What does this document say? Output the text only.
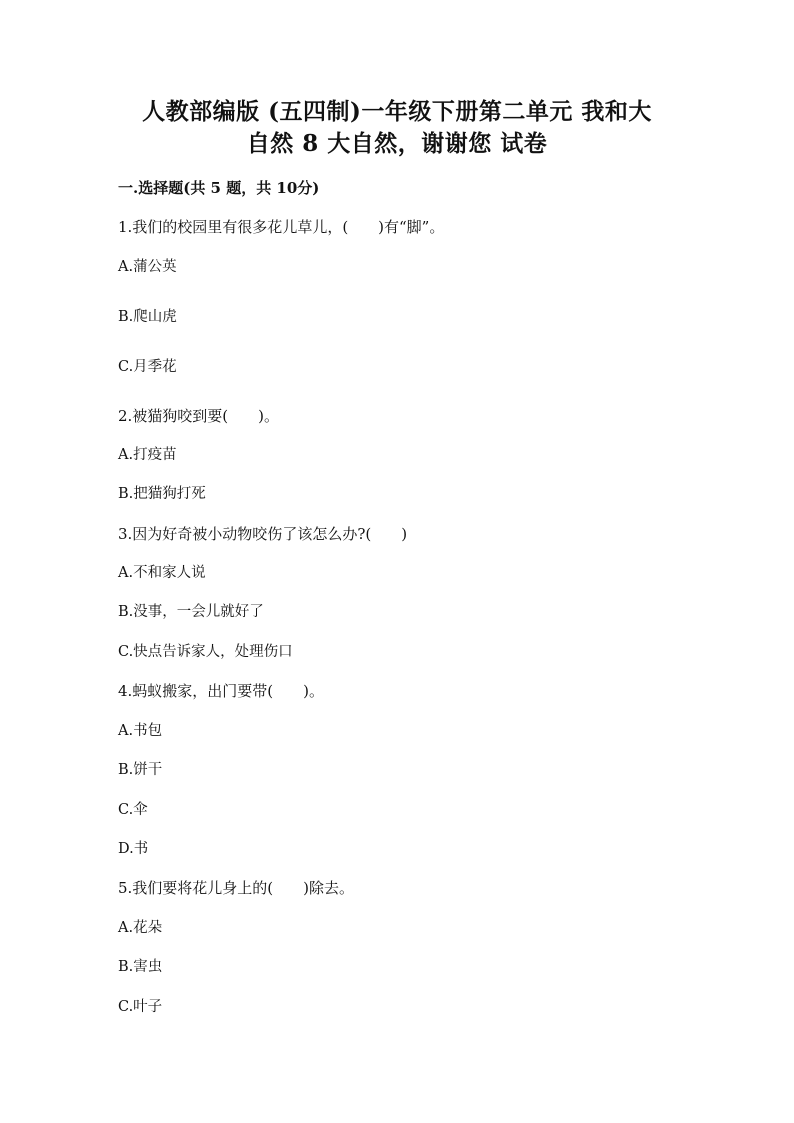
人教部编版 (五四制)一年级下册第二单元 我和大
自然 8 大自然，谢谢您 试卷
一.选择题(共 5 题，共 10分)
1.我们的校园里有很多花儿草儿，(　　)有“脚”。
A.蒲公英
B.爬山虎
C.月季花
2.被猫狗咬到要(　　)。
A.打疫苗
B.把猫狗打死
3.因为好奇被小动物咬伤了该怎么办?(　　)
A.不和家人说
B.没事，一会儿就好了
C.快点告诉家人，处理伤口
4.蚂蚁搬家，出门要带(　　)。
A.书包
B.饼干
C.伞
D.书
5.我们要将花儿身上的(　　)除去。
A.花朵
B.害虫
C.叶子
